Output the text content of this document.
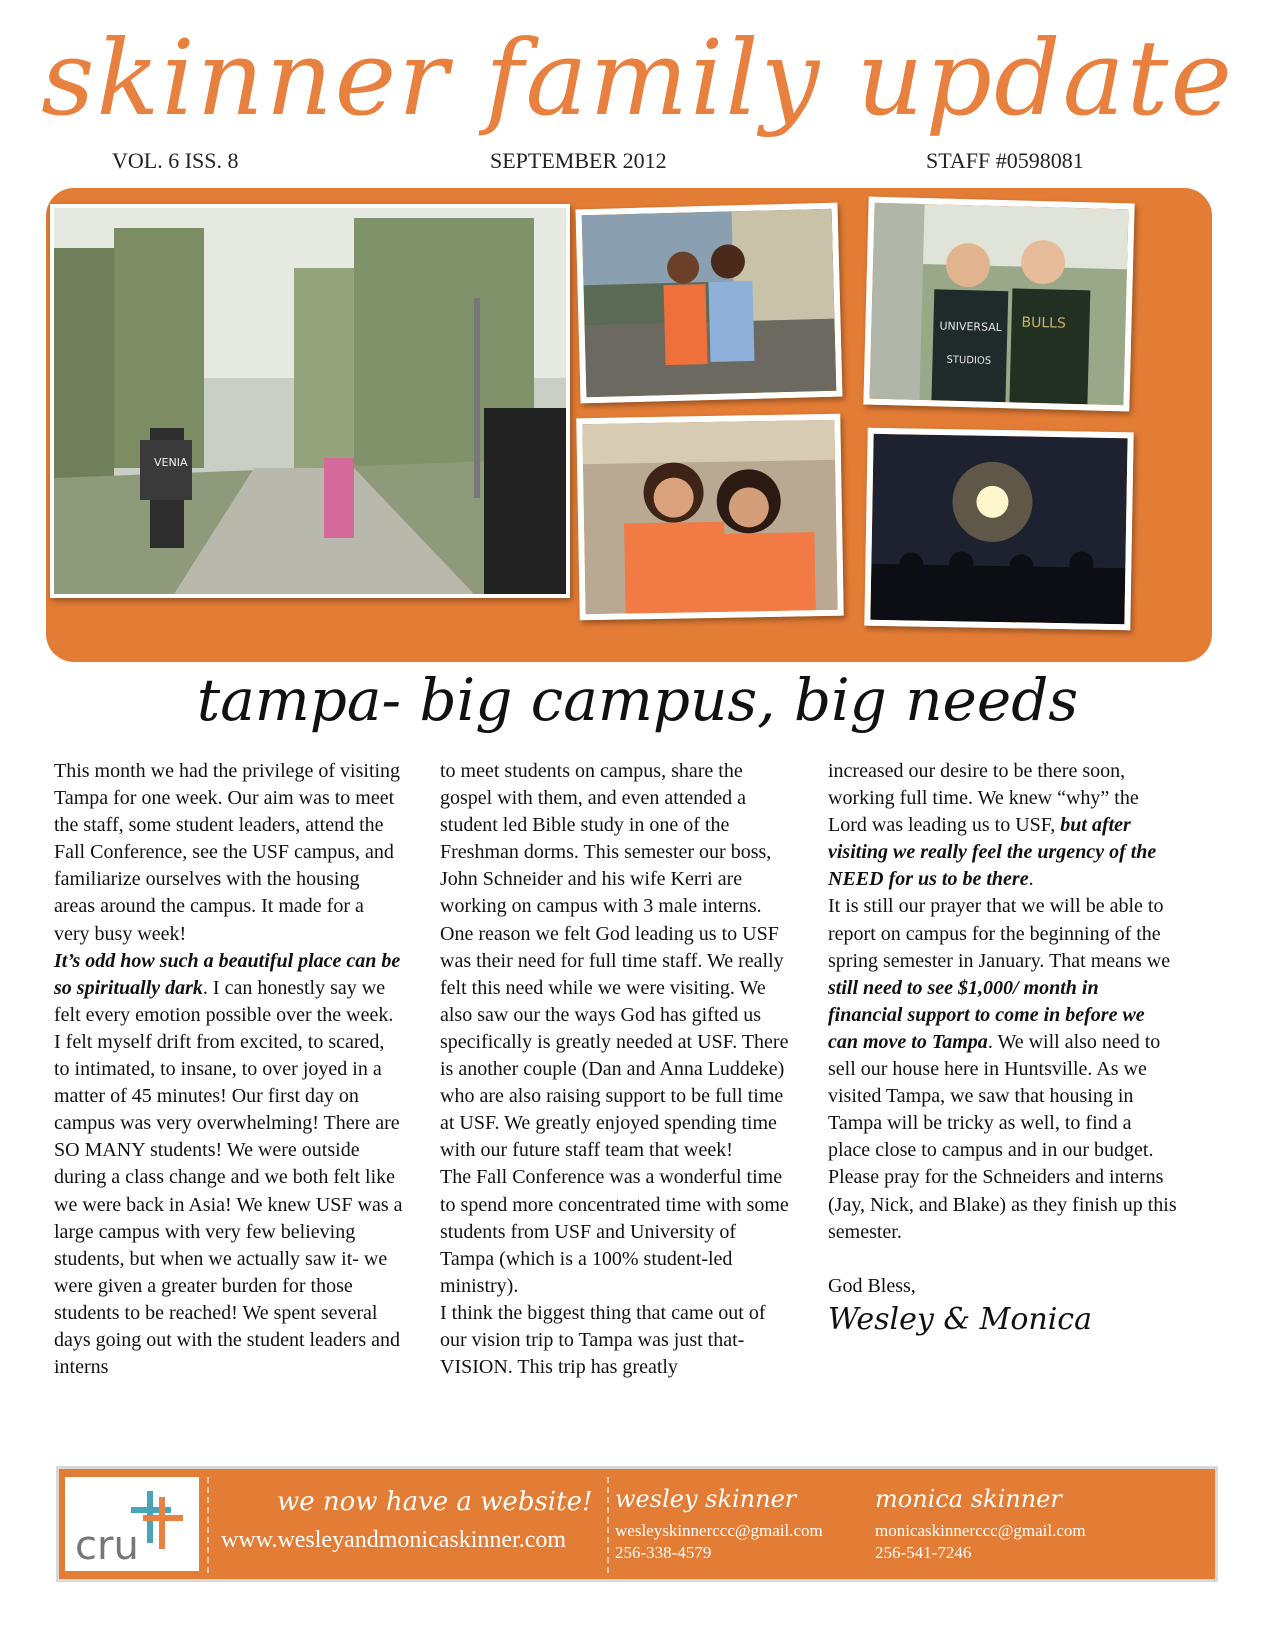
skinner family update
VOL. 6 ISS. 8	SEPTEMBER 2012	STAFF #0598081
VENIA
UNIVERSAL
STUDIOS
BULLS
tampa- big campus, big needs

This month we had the privilege of visiting Tampa for one week. Our aim was to meet the staff, some student leaders, attend the Fall Conference, see the USF campus, and familiarize ourselves with the housing areas around the campus. It made for a very busy week!

It’s odd how such a beautiful place can be so spiritually dark. I can honestly say we felt every emotion possible over the week. I felt myself drift from excited, to scared, to intimated, to insane, to over joyed in a matter of 45 minutes! Our first day on campus was very overwhelming! There are SO MANY students! We were outside during a class change and we both felt like we were back in Asia! We knew USF was a large campus with very few believing students, but when we actually saw it- we were given a greater burden for those students to be reached! We spent several days going out with the student leaders and interns

to meet students on campus, share the gospel with them, and even attended a student led Bible study in one of the Freshman dorms. This semester our boss, John Schneider and his wife Kerri are working on campus with 3 male interns. One reason we felt God leading us to USF was their need for full time staff. We really felt this need while we were visiting. We also saw our the ways God has gifted us specifically is greatly needed at USF. There is another couple (Dan and Anna Luddeke) who are also raising support to be full time at USF. We greatly enjoyed spending time with our future staff team that week!

The Fall Conference was a wonderful time to spend more concentrated time with some students from USF and University of Tampa (which is a 100% student-led ministry).

I think the biggest thing that came out of our vision trip to Tampa was just that- VISION. This trip has greatly

increased our desire to be there soon, working full time. We knew “why” the Lord was leading us to USF, but after visiting we really feel the urgency of the NEED for us to be there.

It is still our prayer that we will be able to report on campus for the beginning of the spring semester in January. That means we still need to see $1,000/ month in financial support to come in before we can move to Tampa. We will also need to sell our house here in Huntsville. As we visited Tampa, we saw that housing in Tampa will be tricky as well, to find a place close to campus and in our budget.

Please pray for the Schneiders and interns (Jay, Nick, and Blake) as they finish up this semester.

God Bless,

Wesley & Monica
cru
we now have a website!
www.wesleyandmonicaskinner.com
wesley skinner
wesleyskinnerccc@gmail.com
256-338-4579
monica skinner
monicaskinnerccc@gmail.com
256-541-7246
